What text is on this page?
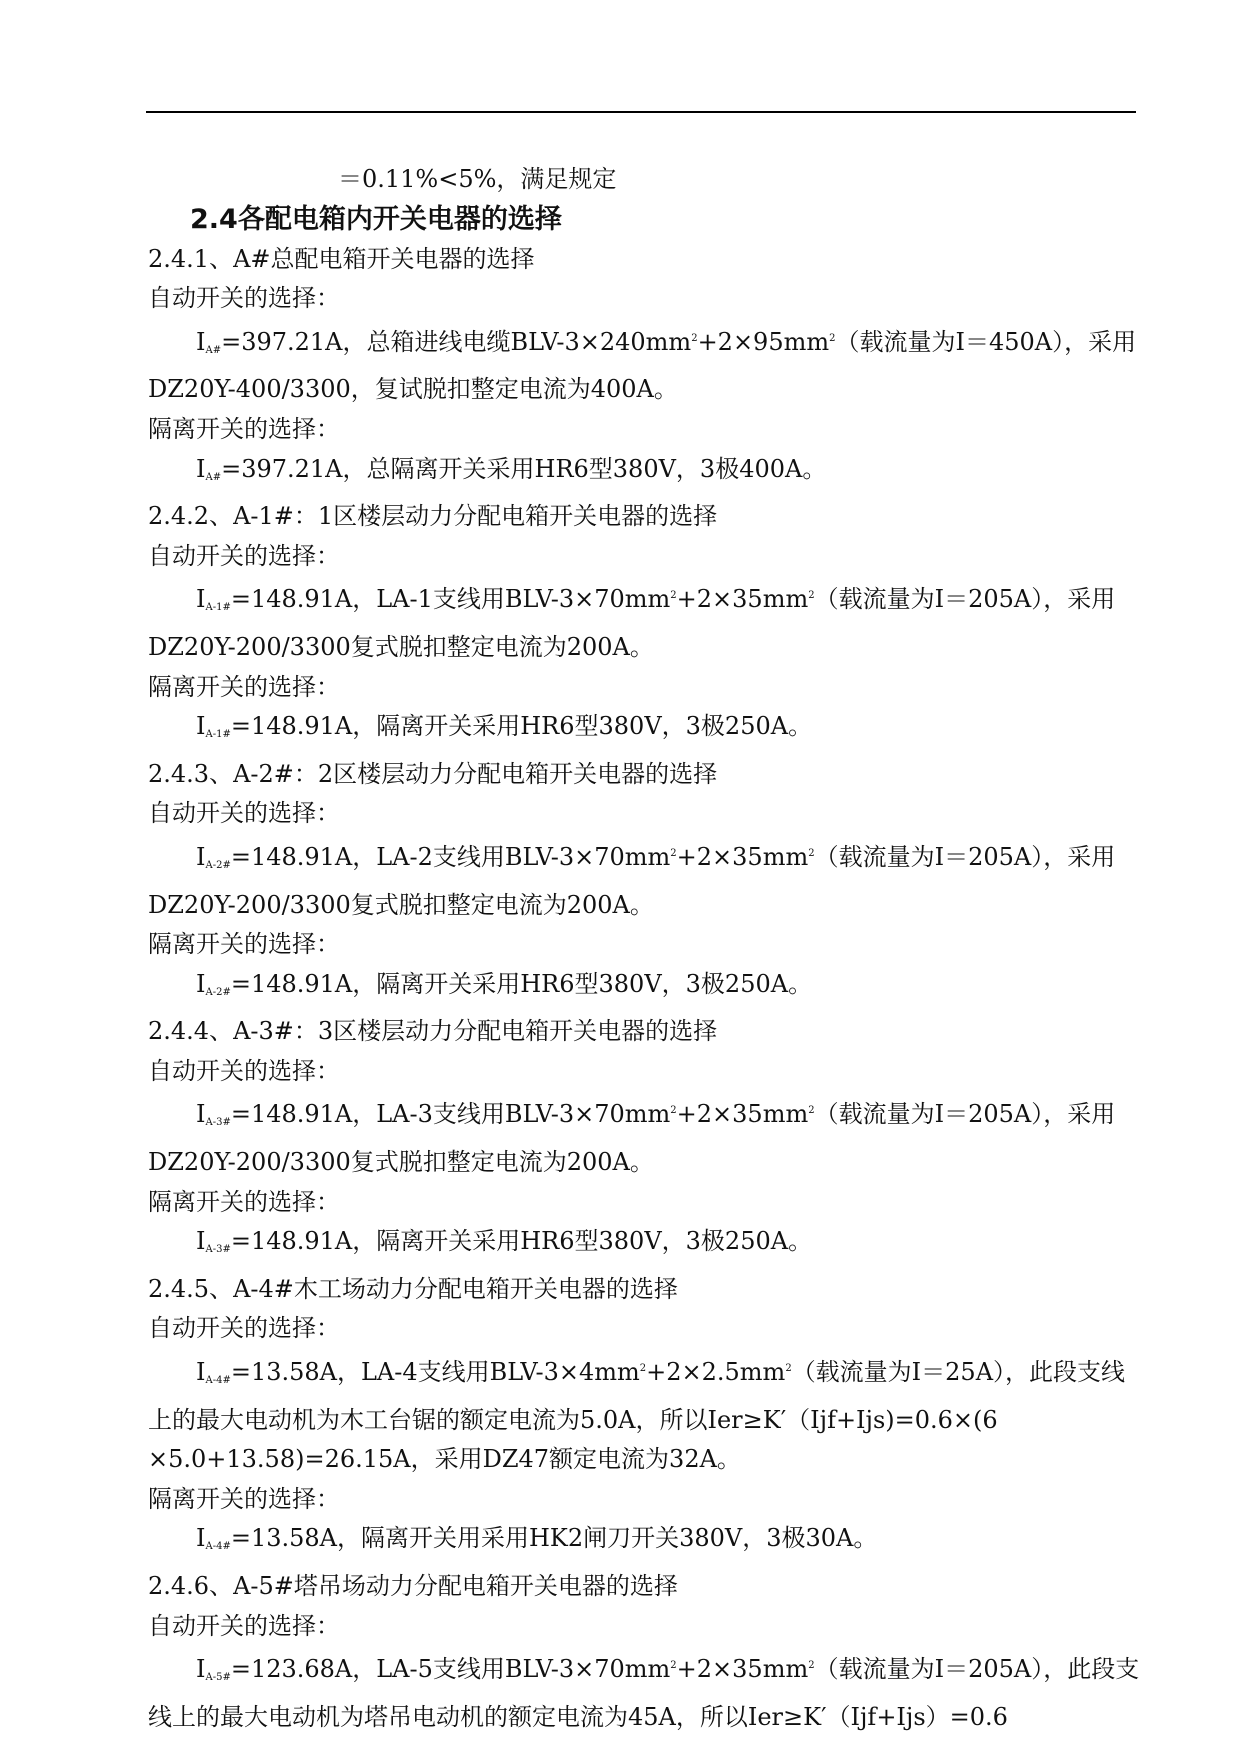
＝0.11%<5%，满足规定
2.4各配电箱内开关电器的选择
2.4.1、A#总配电箱开关电器的选择
自动开关的选择：
$I_{A\#}=397.21A$，总箱进线电缆BLV-$3\times 240mm^2+2\times 95mm^2$（载流量为I＝450A），采用
DZ20Y-400/3300，复试脱扣整定电流为400A。
隔离开关的选择：
$I_{A\#}=397.21A$，总隔离开关采用HR6型380V，3极400A。
2.4.2、A-1#：1区楼层动力分配电箱开关电器的选择
自动开关的选择：
$I_{A-1\#}=148.91A$，LA-1支线用BLV-$3\times 70mm^2+2\times 35mm^2$（载流量为I＝205A），采用
DZ20Y-200/3300复式脱扣整定电流为200A。
隔离开关的选择：
$I_{A-1\#}=148.91A$，隔离开关采用HR6型380V，3极250A。
2.4.3、A-2#：2区楼层动力分配电箱开关电器的选择
自动开关的选择：
$I_{A-2\#}=148.91A$，LA-2支线用BLV-$3\times 70mm^2+2\times 35mm^2$（载流量为I＝205A），采用
DZ20Y-200/3300复式脱扣整定电流为200A。
隔离开关的选择：
$I_{A-2\#}=148.91A$，隔离开关采用HR6型380V，3极250A。
2.4.4、A-3#：3区楼层动力分配电箱开关电器的选择
自动开关的选择：
$I_{A-3\#}=148.91A$，LA-3支线用BLV-$3\times 70mm^2+2\times 35mm^2$（载流量为I＝205A），采用
DZ20Y-200/3300复式脱扣整定电流为200A。
隔离开关的选择：
$I_{A-3\#}=148.91A$，隔离开关采用HR6型380V，3极250A。
2.4.5、A-4#木工场动力分配电箱开关电器的选择
自动开关的选择：
$I_{A-4\#}=13.58A$，LA-4支线用BLV-$3\times 4mm^2+2\times 2.5mm^2$（载流量为I＝25A），此段支线
上的最大电动机为木工台锯的额定电流为5.0A，所以Ier≥K′（Ijf+Ijs)=0.6×(6
×5.0+13.58)=26.15A，采用DZ47额定电流为32A。
隔离开关的选择：
$I_{A-4\#}=13.58A$，隔离开关用采用HK2闸刀开关380V，3极30A。
2.4.6、A-5#塔吊场动力分配电箱开关电器的选择
自动开关的选择：
$I_{A-5\#}=123.68A$，LA-5支线用BLV-$3\times 70mm^2+2\times 35mm^2$（载流量为I＝205A），此段支
线上的最大电动机为塔吊电动机的额定电流为45A，所以Ier≥K′（Ijf+Ijs）=0.6
